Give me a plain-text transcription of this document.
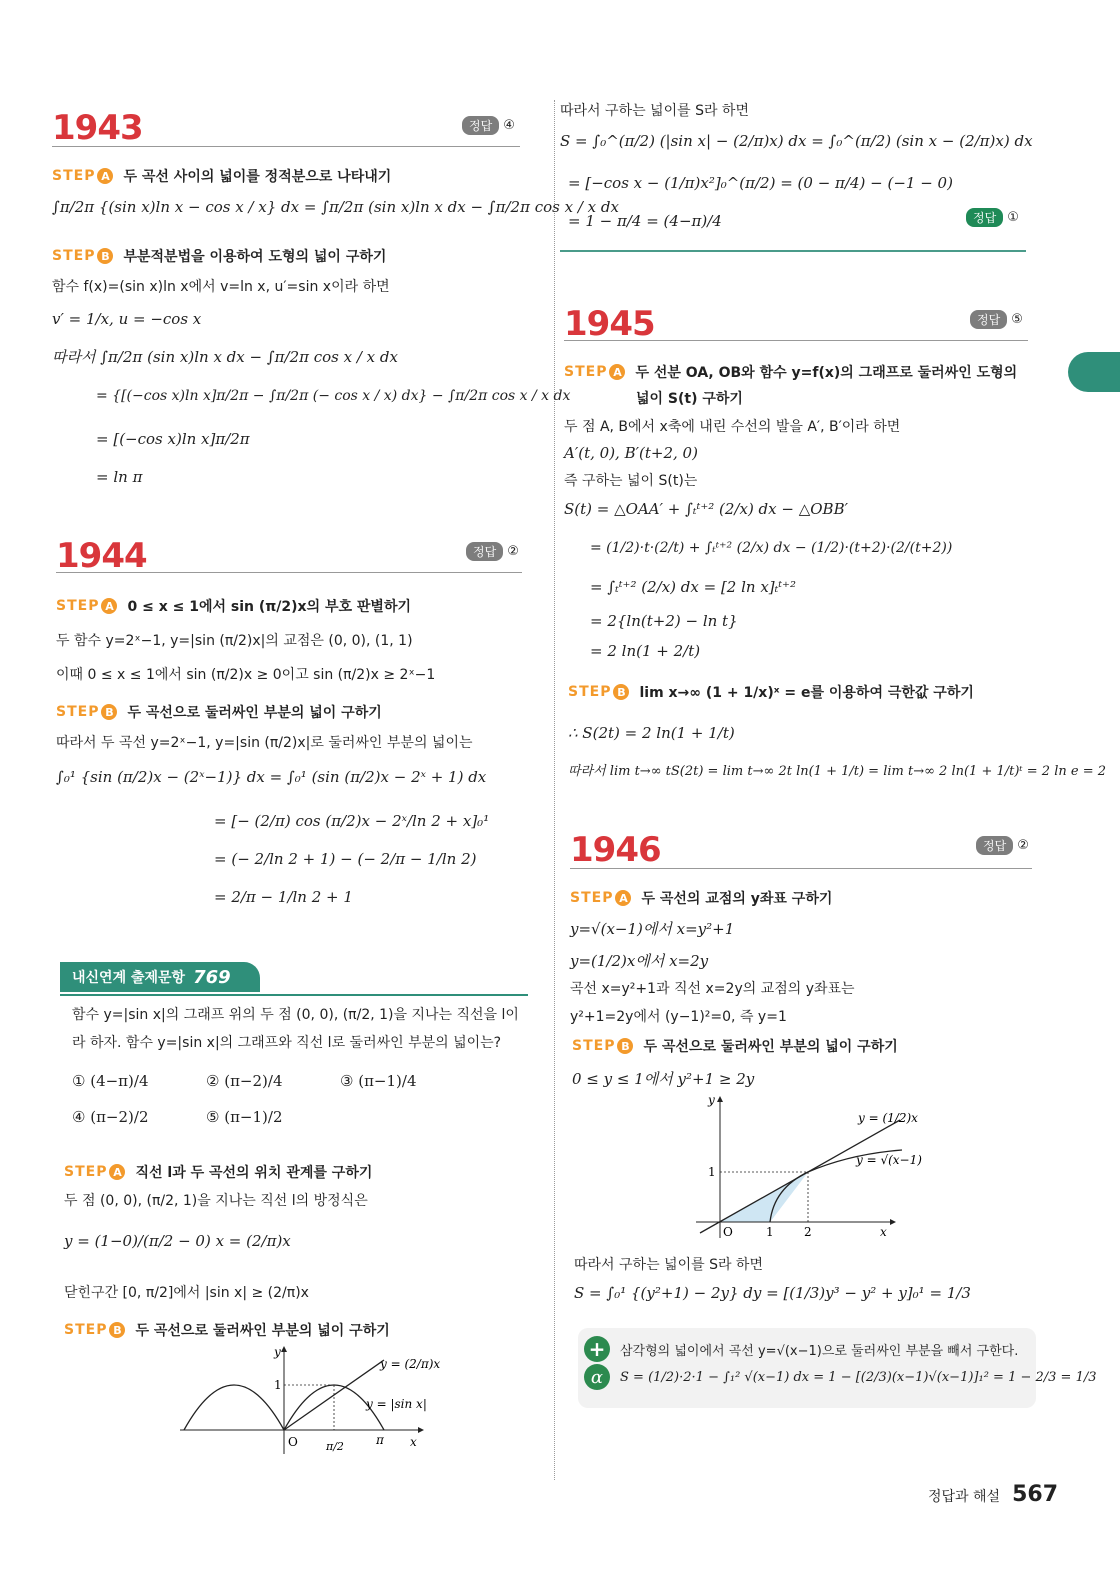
1943	정답 ④
STEP A 두 곡선 사이의 넓이를 정적분으로 나타내기
∫π/2π {(sin x)ln x − cos x / x} dx = ∫π/2π (sin x)ln x dx − ∫π/2π cos x / x dx
STEP B 부분적분법을 이용하여 도형의 넓이 구하기
함수 f(x)=(sin x)ln x에서 v=ln x, u′=sin x이라 하면
v′ = 1/x, u = −cos x
따라서 ∫π/2π (sin x)ln x dx − ∫π/2π cos x / x dx
= {[(−cos x)ln x]π/2π − ∫π/2π (− cos x / x) dx} − ∫π/2π cos x / x dx
= [(−cos x)ln x]π/2π
= ln π
1944	정답 ②
STEP A 0 ≤ x ≤ 1에서 sin (π/2)x의 부호 판별하기
두 함수 y=2ˣ−1, y=|sin (π/2)x|의 교점은 (0, 0), (1, 1)
이때 0 ≤ x ≤ 1에서 sin (π/2)x ≥ 0이고 sin (π/2)x ≥ 2ˣ−1
STEP B 두 곡선으로 둘러싸인 부분의 넓이 구하기
따라서 두 곡선 y=2ˣ−1, y=|sin (π/2)x|로 둘러싸인 부분의 넓이는
∫₀¹ {sin (π/2)x − (2ˣ−1)} dx = ∫₀¹ (sin (π/2)x − 2ˣ + 1) dx
= [− (2/π) cos (π/2)x − 2ˣ/ln 2 + x]₀¹
= (− 2/ln 2 + 1) − (− 2/π − 1/ln 2)
= 2/π − 1/ln 2 + 1
내신연계 출제문항 769
함수 y=|sin x|의 그래프 위의 두 점 (0, 0), (π/2, 1)을 지나는 직선을 l이
라 하자. 함수 y=|sin x|의 그래프와 직선 l로 둘러싸인 부분의 넓이는?
① (4−π)/4	② (π−2)/4	③ (π−1)/4
④ (π−2)/2	⑤ (π−1)/2
STEP A 직선 l과 두 곡선의 위치 관계를 구하기
두 점 (0, 0), (π/2, 1)을 지나는 직선 l의 방정식은
y = (1−0)/(π/2 − 0) x = (2/π)x
닫힌구간 [0, π/2]에서 |sin x| ≥ (2/π)x
STEP B 두 곡선으로 둘러싸인 부분의 넓이 구하기
y
x
O
1
π/2	π
y = (2/π)x
y = |sin x|
따라서 구하는 넓이를 S라 하면
S = ∫₀^(π/2) (|sin x| − (2/π)x) dx = ∫₀^(π/2) (sin x − (2/π)x) dx
= [−cos x − (1/π)x²]₀^(π/2) = (0 − π/4) − (−1 − 0)
= 1 − π/4 = (4−π)/4	정답 ①
1945	정답 ⑤
STEP A 두 선분 OA, OB와 함수 y=f(x)의 그래프로 둘러싸인 도형의
넓이 S(t) 구하기
두 점 A, B에서 x축에 내린 수선의 발을 A′, B′이라 하면
A′(t, 0), B′(t+2, 0)
즉 구하는 넓이 S(t)는
S(t) = △OAA′ + ∫ₜᵗ⁺² (2/x) dx − △OBB′
= (1/2)·t·(2/t) + ∫ₜᵗ⁺² (2/x) dx − (1/2)·(t+2)·(2/(t+2))
= ∫ₜᵗ⁺² (2/x) dx = [2 ln x]ₜᵗ⁺²
= 2{ln(t+2) − ln t}
= 2 ln(1 + 2/t)
STEP B lim x→∞ (1 + 1/x)ˣ = e를 이용하여 극한값 구하기
∴ S(2t) = 2 ln(1 + 1/t)
따라서 lim t→∞ tS(2t) = lim t→∞ 2t ln(1 + 1/t) = lim t→∞ 2 ln(1 + 1/t)ᵗ = 2 ln e = 2
1946	정답 ②
STEP A 두 곡선의 교점의 y좌표 구하기
y=√(x−1)에서 x=y²+1
y=(1/2)x에서 x=2y
곡선 x=y²+1과 직선 x=2y의 교점의 y좌표는
y²+1=2y에서 (y−1)²=0, 즉 y=1
STEP B 두 곡선으로 둘러싸인 부분의 넓이 구하기
0 ≤ y ≤ 1에서 y²+1 ≥ 2y
y
x
O
1
1	2
y = (1/2)x
y = √(x−1)
따라서 구하는 넓이를 S라 하면
S = ∫₀¹ {(y²+1) − 2y} dy = [(1/3)y³ − y² + y]₀¹ = 1/3
+
α
삼각형의 넓이에서 곡선 y=√(x−1)으로 둘러싸인 부분을 빼서 구한다.
S = (1/2)·2·1 − ∫₁² √(x−1) dx = 1 − [(2/3)(x−1)√(x−1)]₁² = 1 − 2/3 = 1/3
정답과 해설 567
